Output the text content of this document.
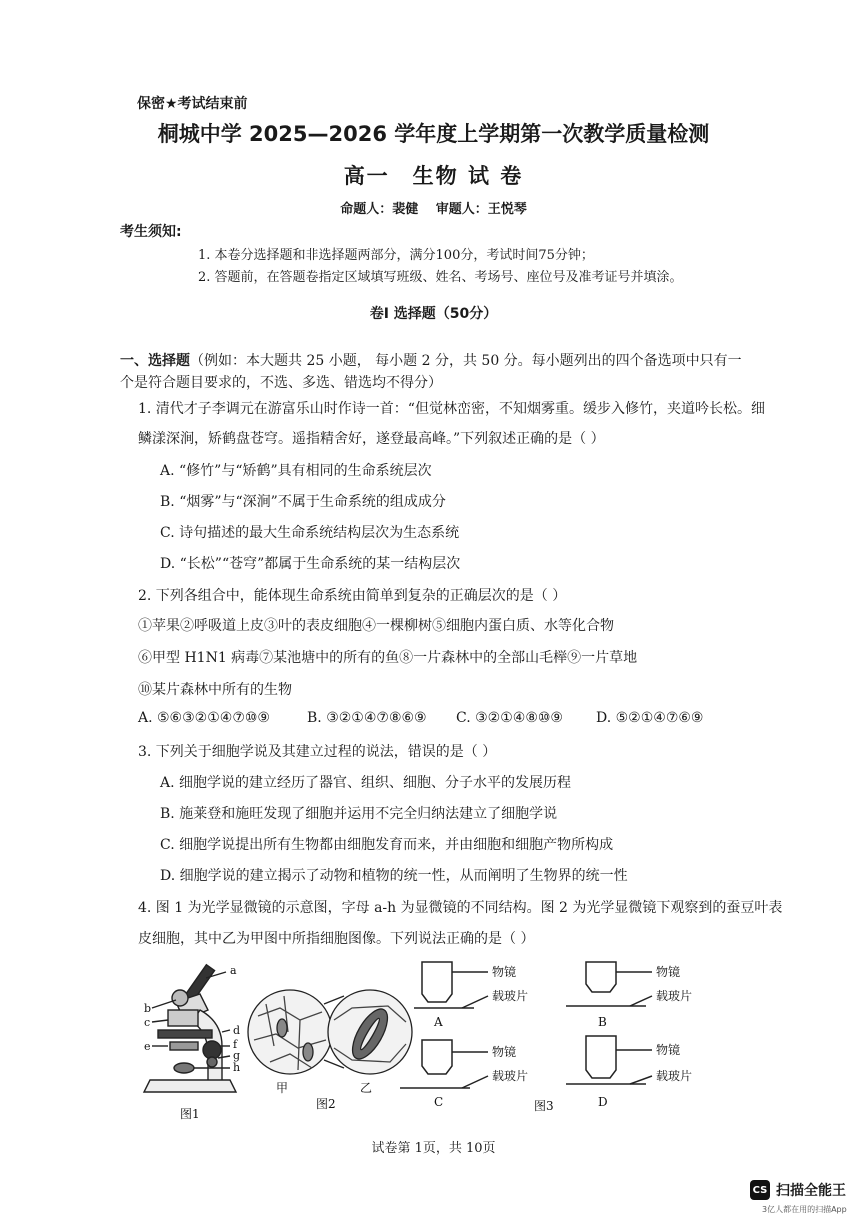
保密★考试结束前
桐城中学 2025—2026 学年度上学期第一次教学质量检测
高一　生物 试 卷
命题人：裴健　 审题人：王悦琴
考生须知:
1. 本卷分选择题和非选择题两部分，满分100分，考试时间75分钟；
2. 答题前，在答题卷指定区域填写班级、姓名、考场号、座位号及准考证号并填涂。
卷Ⅰ 选择题（50分）
一、选择题（例如：本大题共 25 小题， 每小题 2 分，共 50 分。每小题列出的四个备选项中只有一
个是符合题目要求的，不选、多选、错选均不得分）
1. 清代才子李调元在游富乐山时作诗一首：“但觉林峦密，不知烟雾重。缓步入修竹，夹道吟长松。细
鳞漾深涧，矫鹤盘苍穹。遥指精舍好，遂登最高峰。”下列叙述正确的是（ ）
A. “修竹”与“矫鹤”具有相同的生命系统层次
B. “烟雾”与“深涧”不属于生命系统的组成成分
C. 诗句描述的最大生命系统结构层次为生态系统
D. “长松”“苍穹”都属于生命系统的某一结构层次
2. 下列各组合中，能体现生命系统由简单到复杂的正确层次的是（ ）
①苹果②呼吸道上皮③叶的表皮细胞④一棵柳树⑤细胞内蛋白质、水等化合物
⑥甲型 H1N1 病毒⑦某池塘中的所有的鱼⑧一片森林中的全部山毛榉⑨一片草地
⑩某片森林中所有的生物
A. ⑤⑥③②①④⑦⑩⑨	B. ③②①④⑦⑧⑥⑨ C. ③②①④⑧⑩⑨ D. ⑤②①④⑦⑥⑨
3. 下列关于细胞学说及其建立过程的说法，错误的是（ ）
A. 细胞学说的建立经历了器官、组织、细胞、分子水平的发展历程
B. 施莱登和施旺发现了细胞并运用不完全归纳法建立了细胞学说
C. 细胞学说提出所有生物都由细胞发育而来，并由细胞和细胞产物所构成
D. 细胞学说的建立揭示了动物和植物的统一性，从而阐明了生物界的统一性
4. 图 1 为光学显微镜的示意图，字母 a-h 为显微镜的不同结构。图 2 为光学显微镜下观察到的蚕豆叶表
皮细胞，其中乙为甲图中所指细胞图像。下列说法正确的是（ ）
a
b
c
d
e	f
g
h
图1
甲	乙
图2
物镜
载玻片
A
物镜
载玻片
B
物镜
载玻片
C
物镜
载玻片
D
图3
试卷第 1页，共 10页
CS 扫描全能王
3亿人都在用的扫描App
